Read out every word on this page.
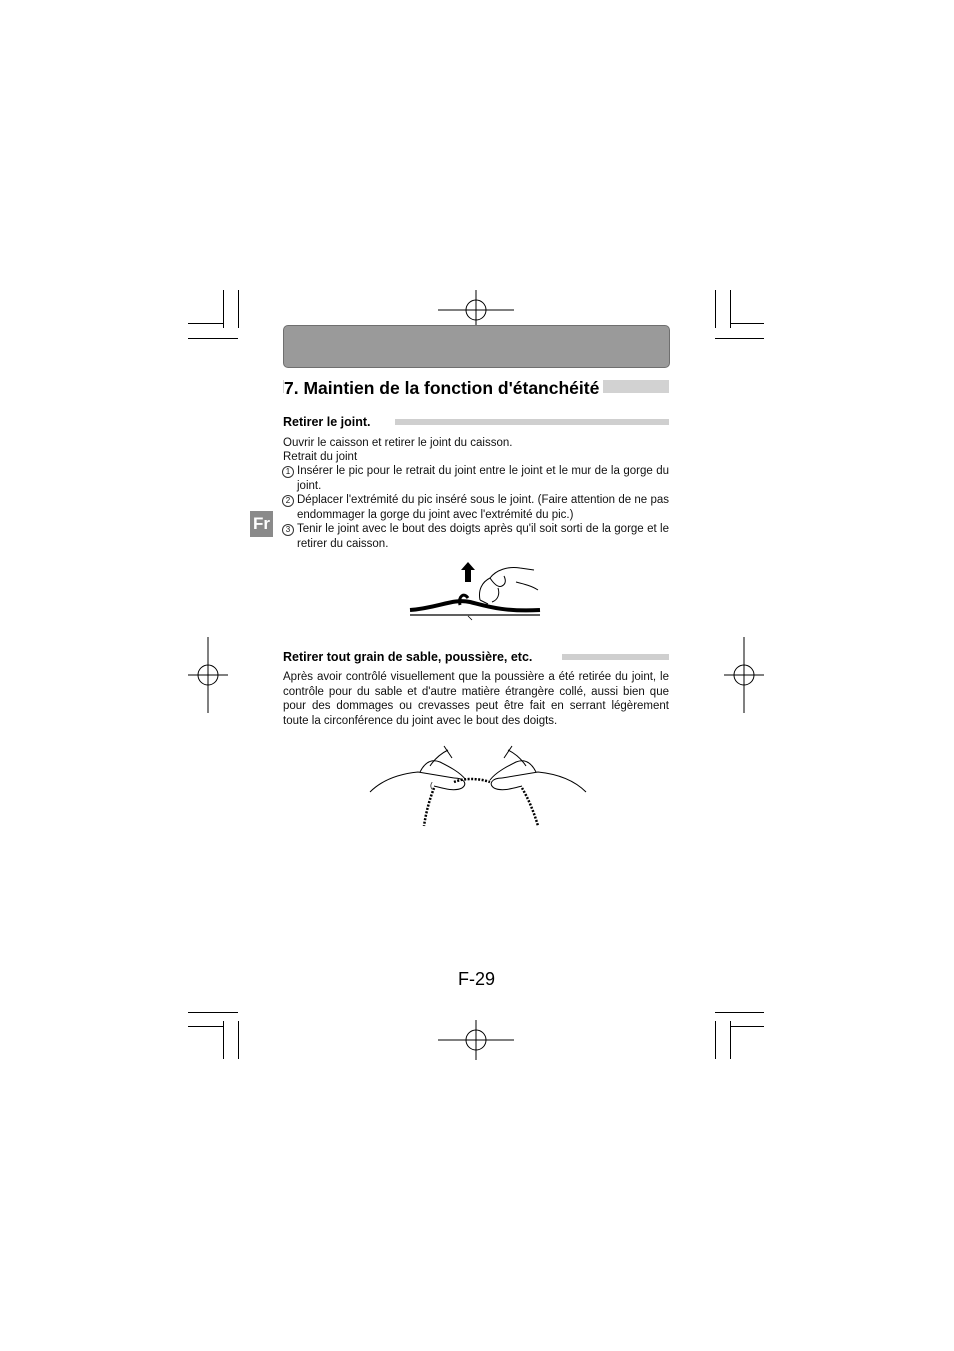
7. Maintien de la fonction d'étanchéité
Fr
Retirer le joint.
Ouvrir le caisson et retirer le joint du caisson.
Retrait du joint
1 Insérer le pic pour le retrait du joint entre le joint et le mur de la gorge du joint.
2 Déplacer l'extrémité du pic inséré sous le joint. (Faire attention de ne pas endommager la gorge du joint avec l'extrémité du pic.)
3 Tenir le joint avec le bout des doigts après qu'il soit sorti de la gorge et le retirer du caisson.
Retirer tout grain de sable, poussière, etc.
Après avoir contrôlé visuellement que la poussière a été retirée du joint, le contrôle pour du sable et d'autre matière étrangère collé, aussi bien que pour des dommages ou crevasses peut être fait en serrant légèrement toute la circonférence du joint avec le bout des doigts.
(
F-29
